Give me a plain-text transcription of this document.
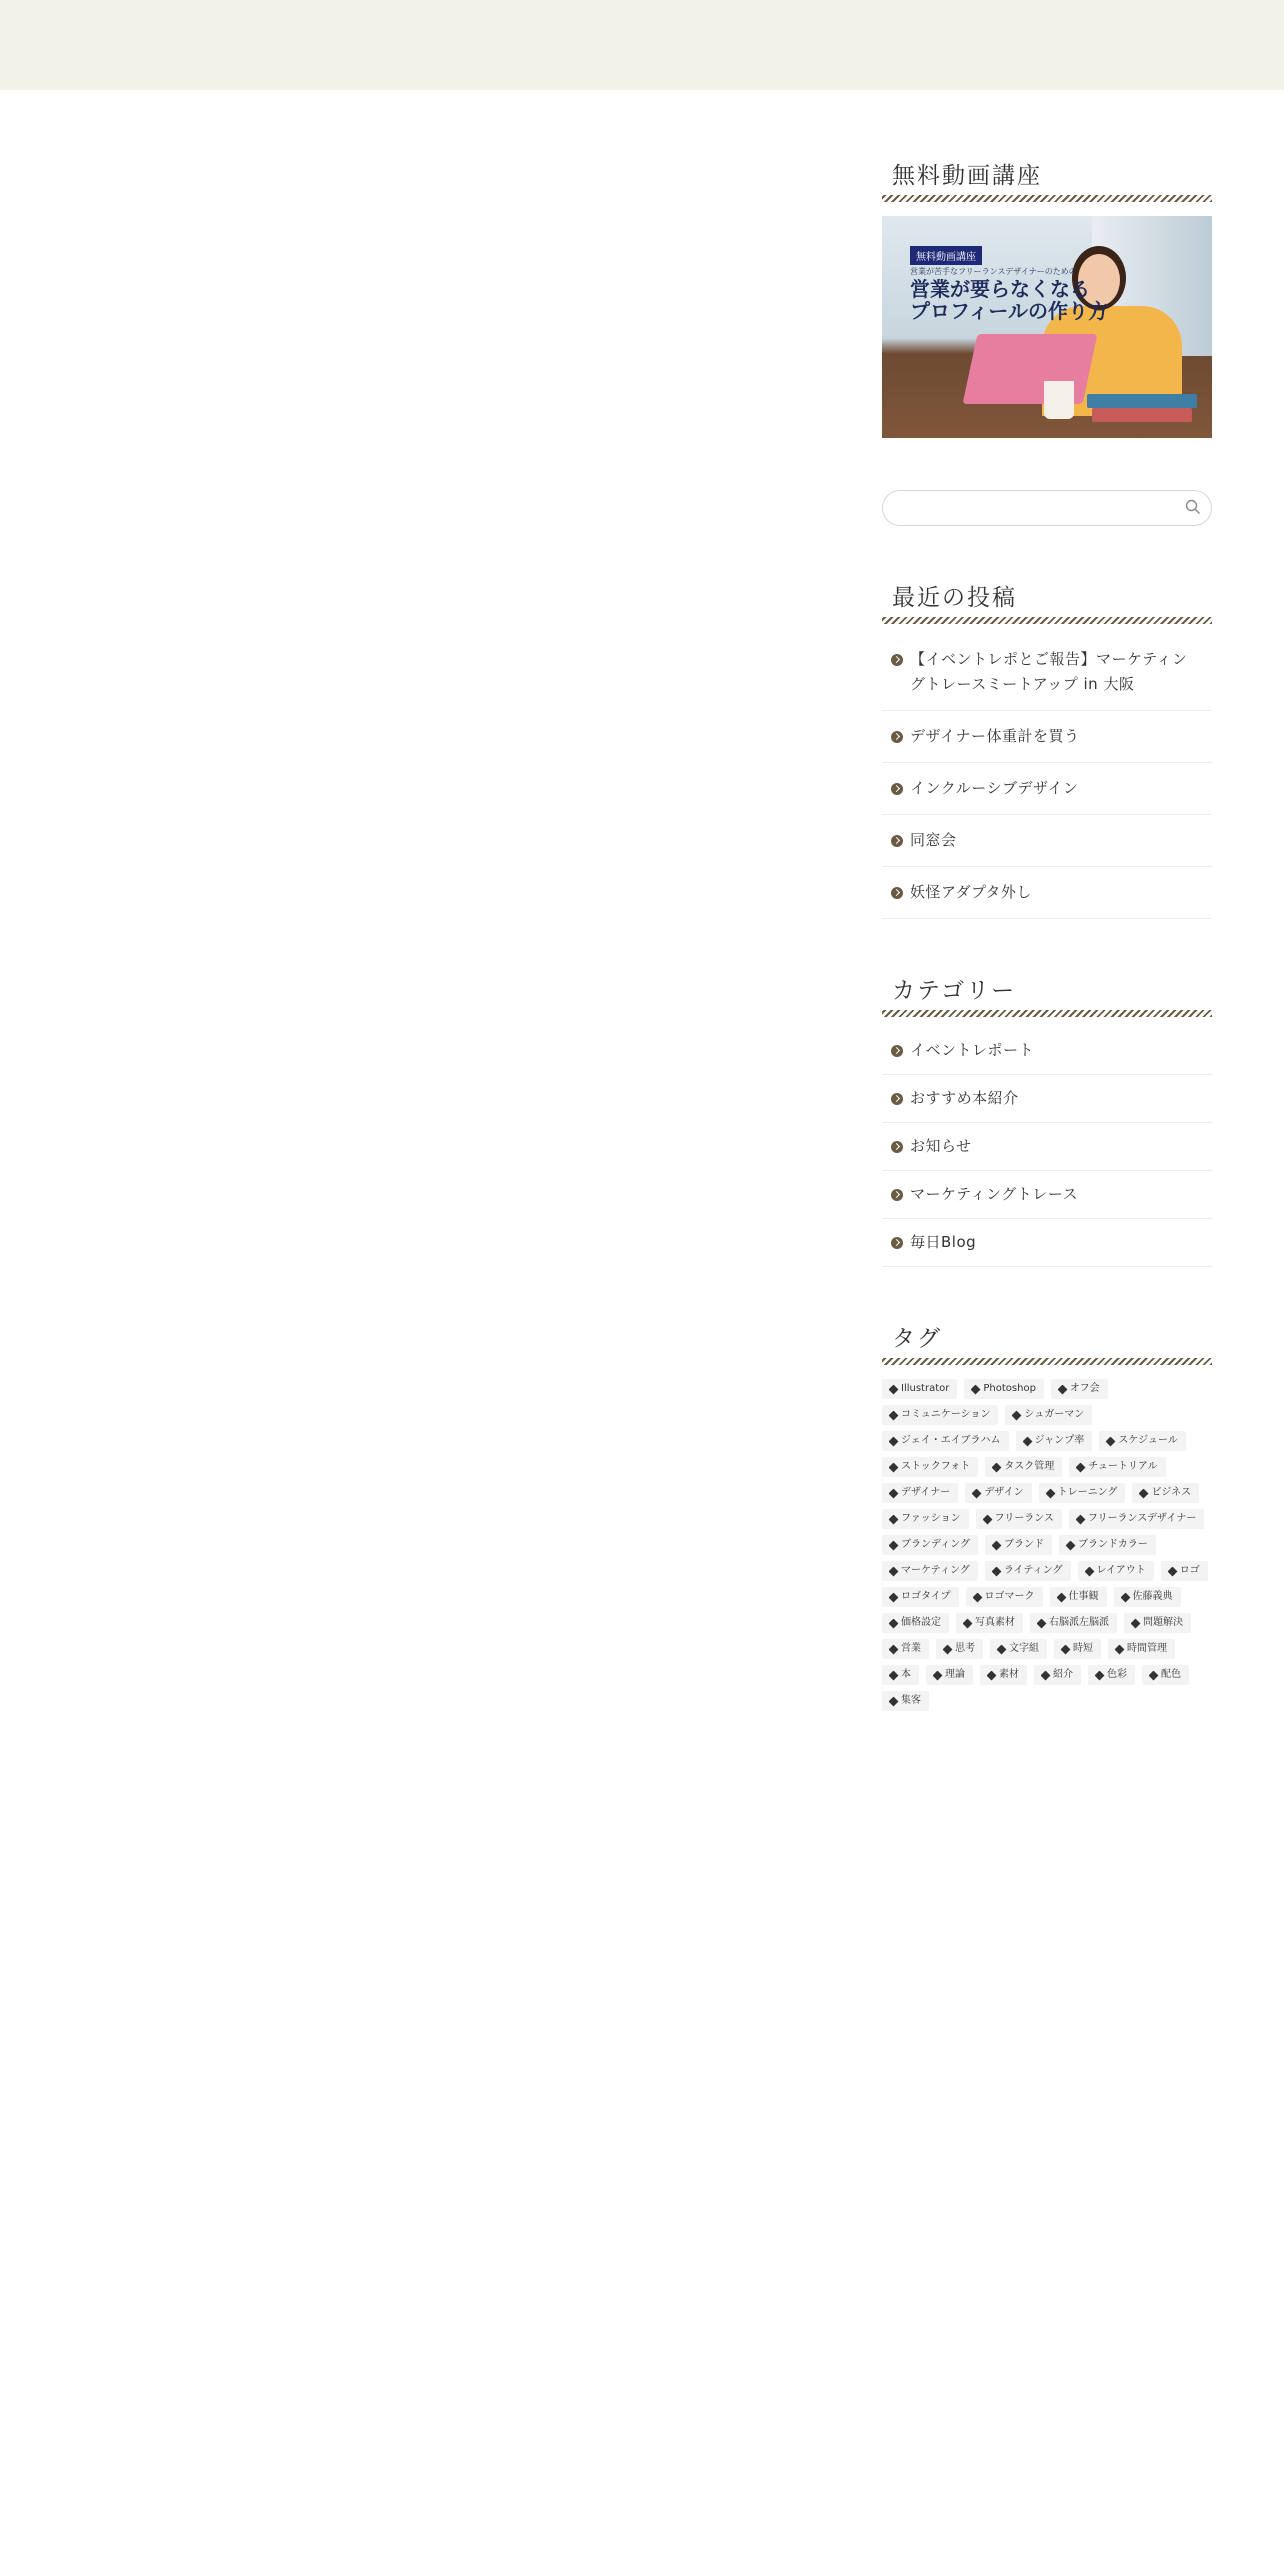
無料動画講座
無料動画講座
営業が苦手なフリーランスデザイナーのための
営業が要らなくなる
プロフィールの作り方
最近の投稿
【イベントレポとご報告】マーケティングトレースミートアップ in 大阪
デザイナー体重計を買う
インクルーシブデザイン
同窓会
妖怪アダプタ外し
カテゴリー
イベントレポート
おすすめ本紹介
お知らせ
マーケティングトレース
毎日Blog
タグ
Illustrator	Photoshop	オフ会
コミュニケーション	シュガーマン
ジェイ・エイブラハム	ジャンプ率	スケジュール
ストックフォト	タスク管理	チュートリアル
デザイナー	デザイン	トレーニング	ビジネス
ファッション	フリーランス	フリーランスデザイナー
ブランディング	ブランド	ブランドカラー
マーケティング	ライティング	レイアウト	ロゴ
ロゴタイプ	ロゴマーク	仕事観	佐藤義典
価格設定	写真素材	右脳派左脳派	問題解決
営業	思考	文字組	時短	時間管理
本	理論	素材	紹介	色彩	配色
集客
